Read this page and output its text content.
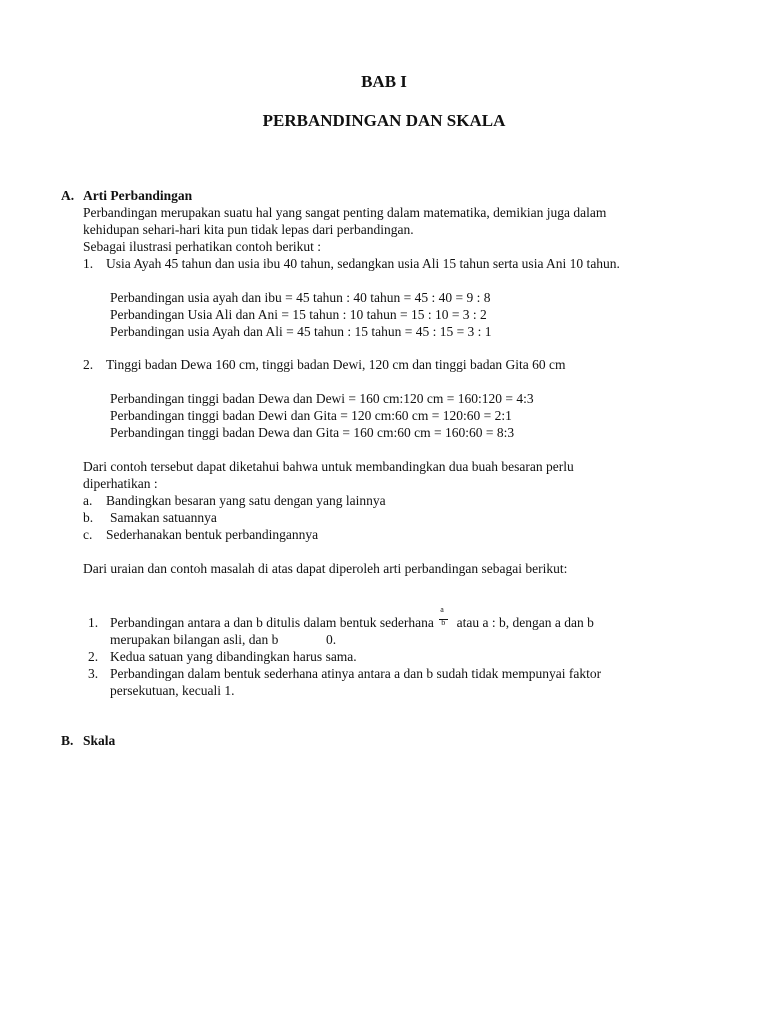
BAB I
PERBANDINGAN DAN SKALA
A. Arti Perbandingan
Perbandingan merupakan suatu hal yang sangat penting dalam matematika, demikian juga dalam
kehidupan sehari-hari kita pun tidak lepas dari perbandingan.
Sebagai ilustrasi perhatikan contoh berikut :
1. Usia Ayah 45 tahun dan usia ibu 40 tahun, sedangkan usia Ali 15 tahun serta usia Ani 10 tahun.
Perbandingan usia ayah dan ibu = 45 tahun : 40 tahun = 45 : 40 = 9 : 8
Perbandingan Usia Ali dan Ani = 15 tahun : 10 tahun = 15 : 10 = 3 : 2
Perbandingan usia Ayah dan Ali = 45 tahun : 15 tahun = 45 : 15 = 3 : 1
2. Tinggi badan Dewa 160 cm, tinggi badan Dewi, 120 cm dan tinggi badan Gita 60 cm
Perbandingan tinggi badan Dewa dan Dewi = 160 cm:120 cm = 160:120 = 4:3
Perbandingan tinggi badan Dewi dan Gita = 120 cm:60 cm = 120:60 = 2:1
Perbandingan tinggi badan Dewa dan Gita = 160 cm:60 cm = 160:60 = 8:3
Dari contoh tersebut dapat diketahui bahwa untuk membandingkan dua buah besaran perlu
diperhatikan :
a. Bandingkan besaran yang satu dengan yang lainnya
b. Samakan satuannya
c. Sederhanakan bentuk perbandingannya
Dari uraian dan contoh masalah di atas dapat diperoleh arti perbandingan sebagai berikut:
1. Perbandingan antara a dan b ditulis dalam bentuk sederhana $\frac{a}{b}$ atau a : b, dengan a dan b
merupakan bilangan asli, dan b	0.
2. Kedua satuan yang dibandingkan harus sama.
3. Perbandingan dalam bentuk sederhana atinya antara a dan b sudah tidak mempunyai faktor
persekutuan, kecuali 1.
B. Skala
